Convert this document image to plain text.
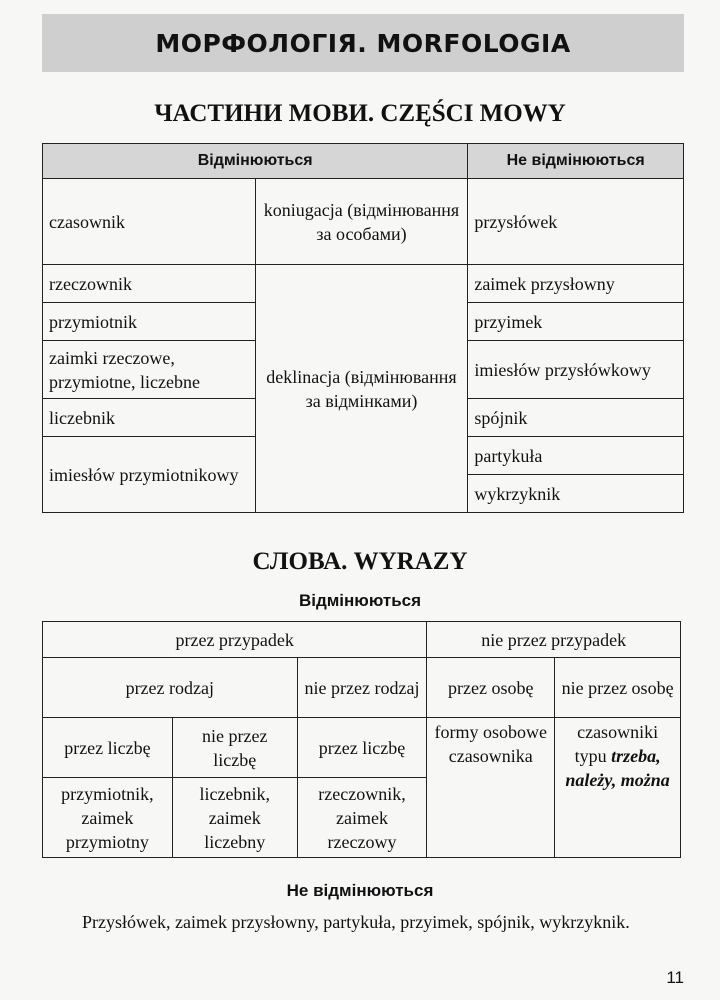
МОРФОЛОГІЯ. MORFOLOGIA
ЧАСТИНИ МОВИ. CZĘŚCI MOWY
Відмінюються		Не відмінюються
czasownik	koniugacja (відмінювання за особами)	przysłówek
rzeczownik	deklinacja (відмінювання за відмінками)	zaimek przysłowny
przymiotnik		przyimek
zaimki rzeczowe, przymiotne, liczebne		imiesłów przysłówkowy
liczebnik		spójnik
imiesłów przymiotnikowy		partykuła
		wykrzyknik
СЛОВА. WYRAZY
Відмінюються
przez przypadek			nie przez przypadek	
przez rodzaj		nie przez rodzaj	przez osobę	nie przez osobę
przez liczbę	nie przez liczbę	przez liczbę	formy osobowe czasownika	czasowniki typu trzeba, należy, można
przymiotnik, zaimek przymiotny	liczebnik, zaimek liczebny	rzeczownik, zaimek rzeczowy		
Не відмінюються
Przysłówek, zaimek przysłowny, partykuła, przyimek, spójnik, wykrzyknik.
11
